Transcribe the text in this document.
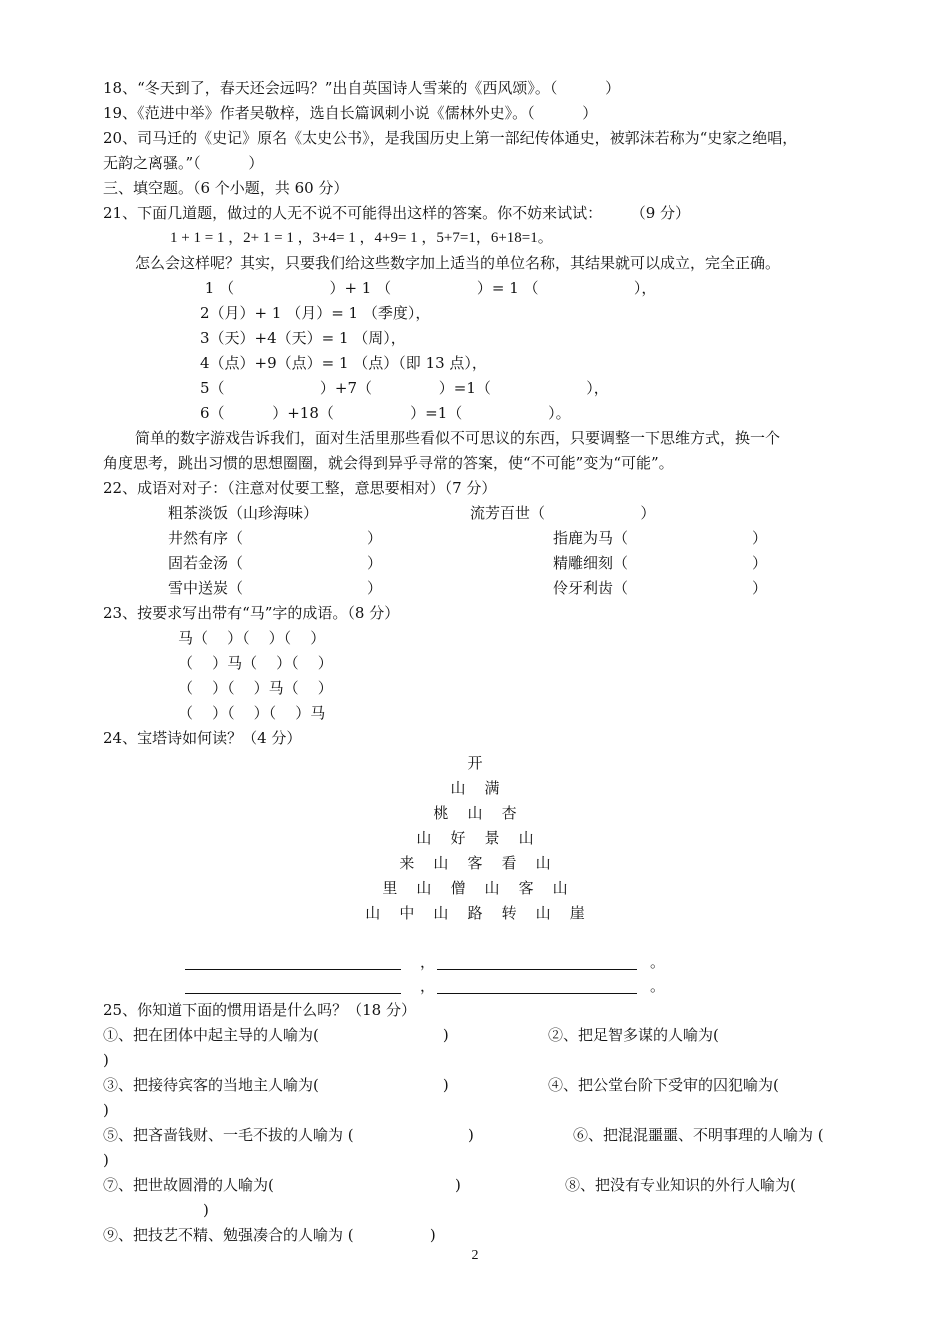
18、“冬天到了，春天还会远吗？”出自英国诗人雪莱的《西风颂》。（          ）
19、《范进中举》作者吴敬梓，选自长篇讽刺小说《儒林外史》。（          ）
20、司马迁的《史记》原名《太史公书》，是我国历史上第一部纪传体通史，被郭沫若称为“史家之绝唱，
无韵之离骚。”（          ）
三、填空题。（6 个小题，共 60 分）
21、下面几道题，做过的人无不说不可能得出这样的答案。你不妨来试试：      （9 分）
1 + 1 = 1 ，2+ 1 = 1 ，3+4= 1 ，4+9= 1 ，5+7=1，6+18=1。
怎么会这样呢？其实，只要我们给这些数字加上适当的单位名称，其结果就可以成立，完全正确。
1 （                    ）+ 1 （                  ）= 1 （                    ），
2（月）+ 1 （月）= 1 （季度），
3（天）+4（天）= 1 （周），
4（点）+9（点）= 1 （点）（即 13 点），
5（                    ）+7（              ）=1（                    ），
6（          ）+18（                ）=1（                  ）。
简单的数字游戏告诉我们，面对生活里那些看似不可思议的东西，只要调整一下思维方式，换一个
角度思考，跳出习惯的思想圈圈，就会得到异乎寻常的答案，使“不可能”变为“可能”。
22、成语对对子：（注意对仗要工整，意思要相对）（7 分）
粗茶淡饭（山珍海味）	流芳百世（                    ）
井然有序（                          ）	指鹿为马（                          ）
固若金汤（                          ）	精雕细刻（                          ）
雪中送炭（                          ）	伶牙利齿（                          ）
23、按要求写出带有“马”字的成语。（8 分）
马（    ）（    ）（    ）
（    ）马（    ）（    ）
（    ）（    ）马（    ）
（    ）（    ）（    ）马
24、宝塔诗如何读？（4 分）
开
山    满
桃    山    杏
山    好    景    山
来    山    客    看    山
里    山    僧    山    客    山
山    中    山    路    转    山    崖
，	。
，	。
25、你知道下面的惯用语是什么吗？（18 分）
①、把在团体中起主导的人喻为(                          )	②、把足智多谋的人喻为(
)
③、把接待宾客的当地主人喻为(                          )	④、把公堂台阶下受审的囚犯喻为(
)
⑤、把吝啬钱财、一毛不拔的人喻为 (                        )	⑥、把混混噩噩、不明事理的人喻为 (
)
⑦、把世故圆滑的人喻为(                                      )	⑧、把没有专业知识的外行人喻为(
)
⑨、把技艺不精、勉强凑合的人喻为 (                )
2
